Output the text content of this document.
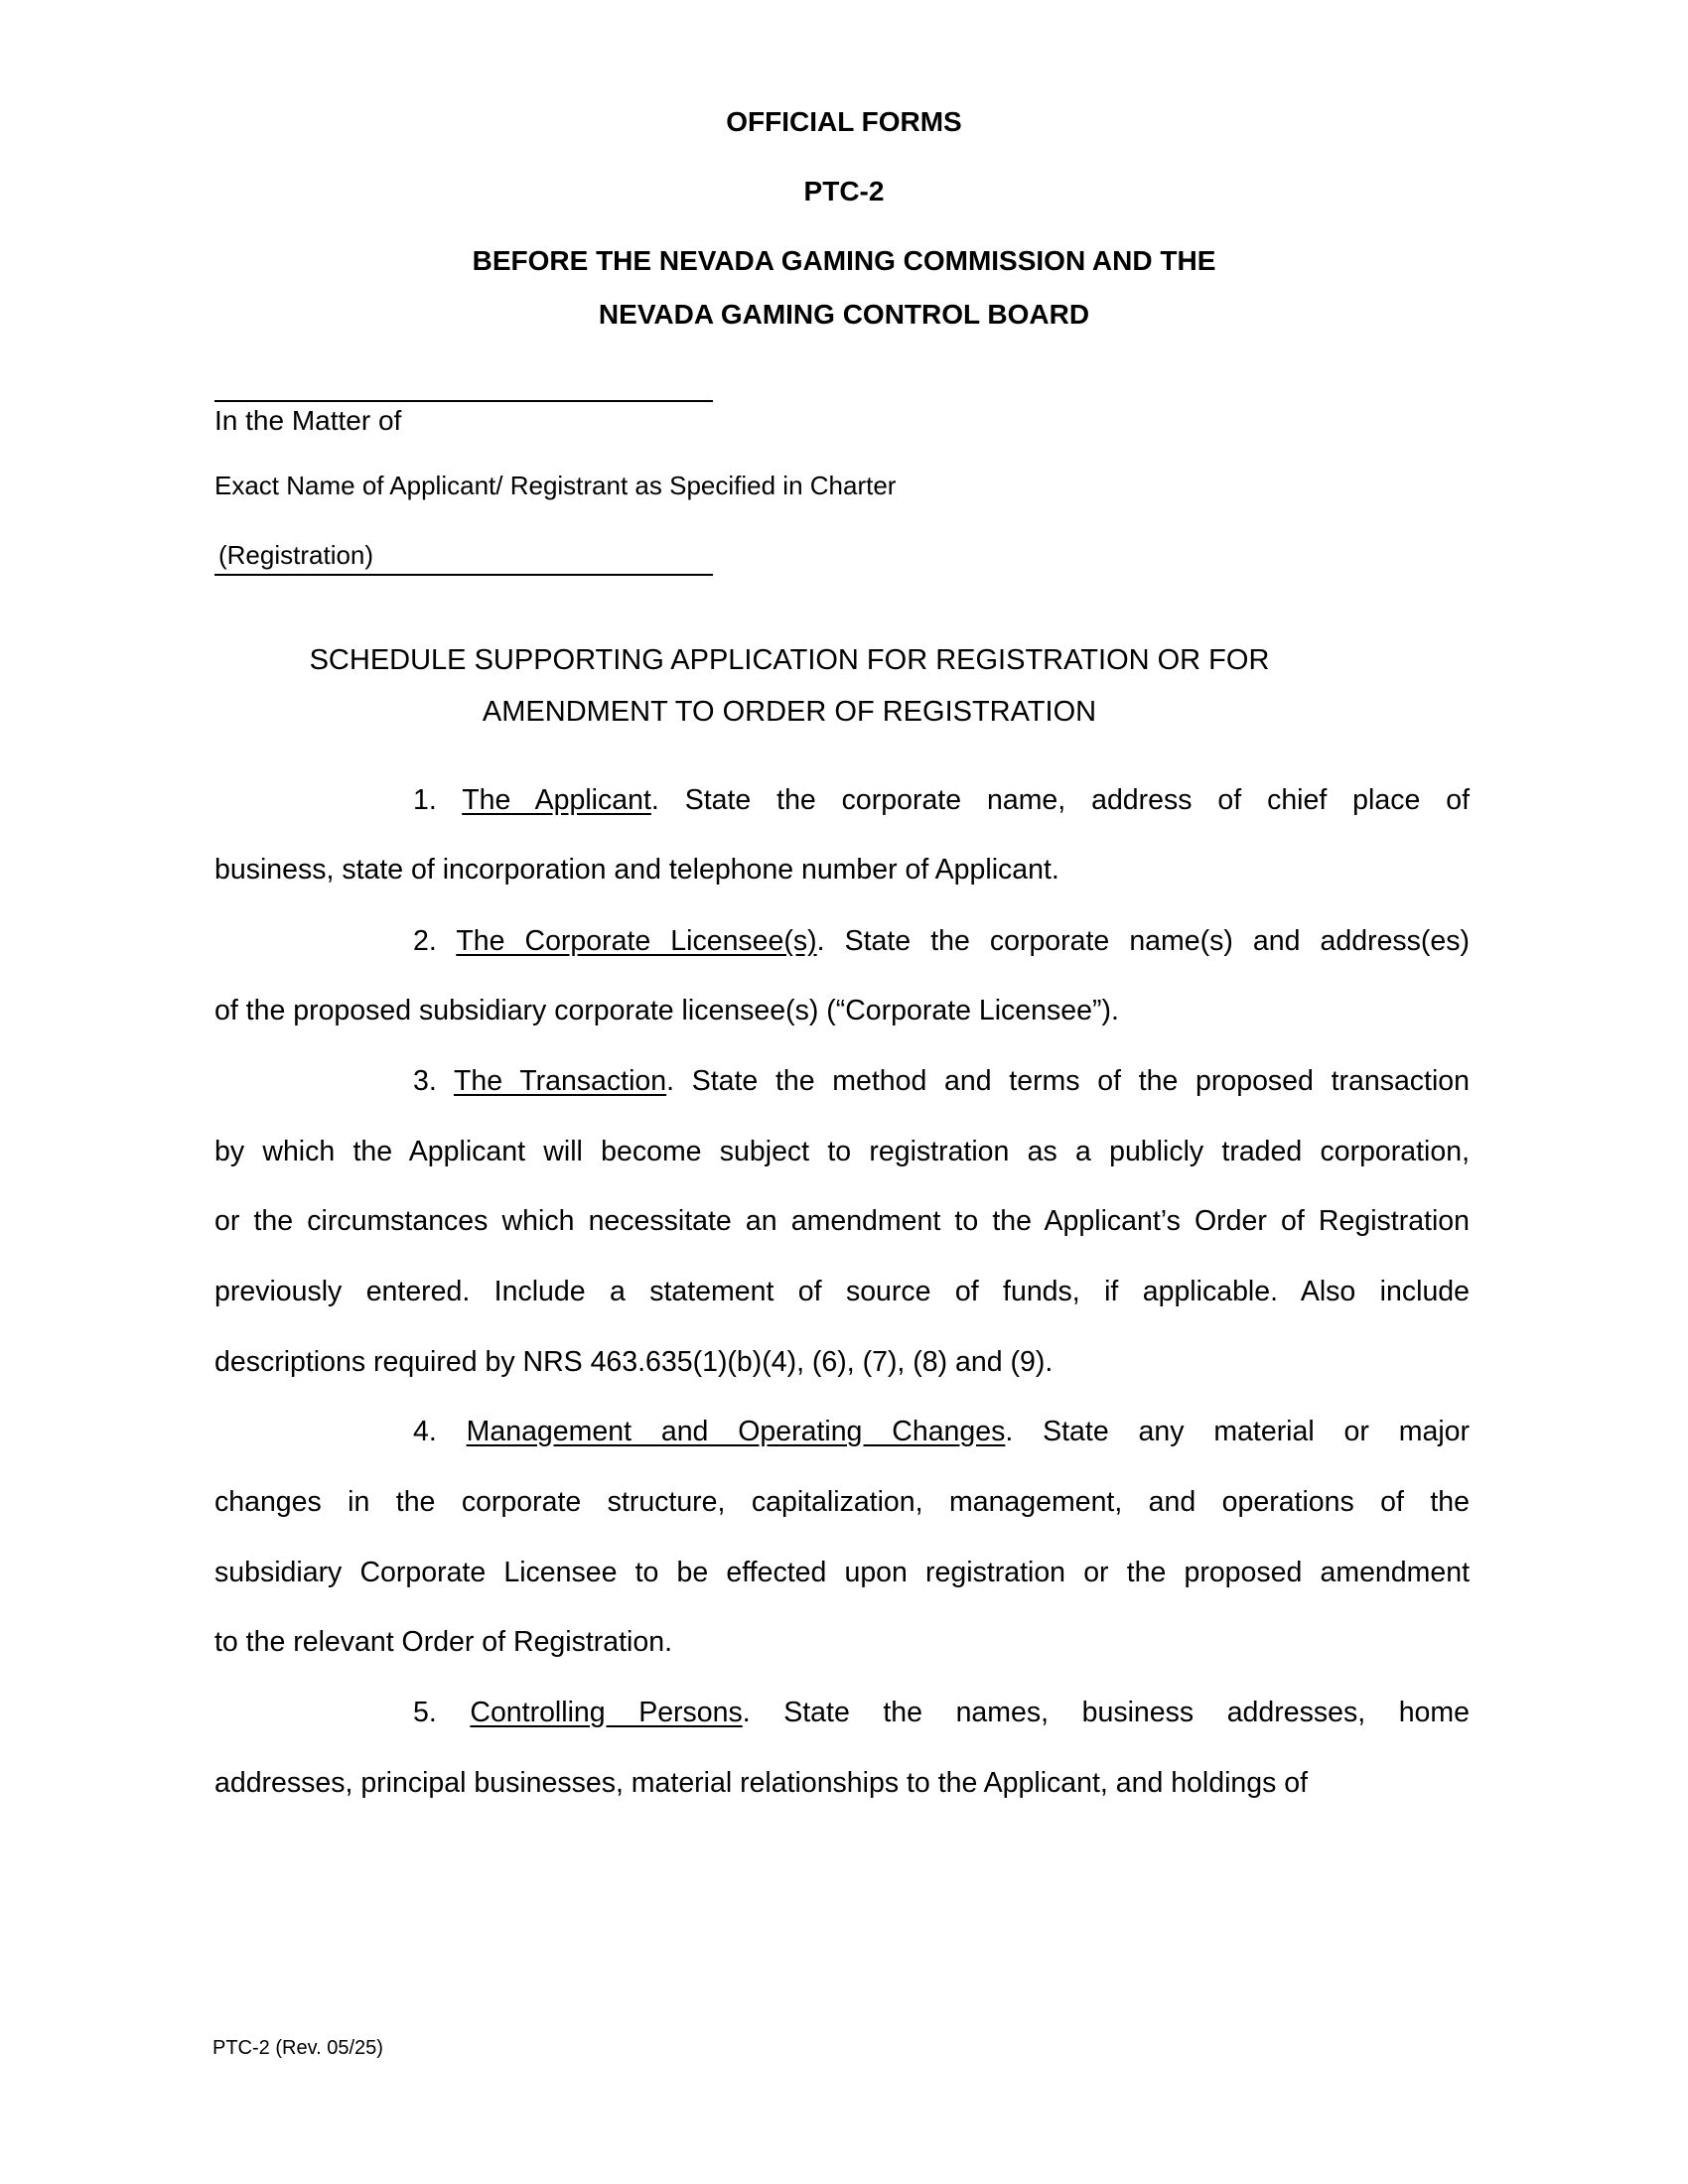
OFFICIAL FORMS
PTC-2
BEFORE THE NEVADA GAMING COMMISSION AND THE
NEVADA GAMING CONTROL BOARD
In the Matter of
Exact Name of Applicant/ Registrant as Specified in Charter
(Registration)
SCHEDULE SUPPORTING APPLICATION FOR REGISTRATION OR FOR
AMENDMENT TO ORDER OF REGISTRATION
1. The Applicant. State the corporate name, address of chief place of
business, state of incorporation and telephone number of Applicant.
2. The Corporate Licensee(s). State the corporate name(s) and address(es)
of the proposed subsidiary corporate licensee(s) (“Corporate Licensee”).
3. The Transaction. State the method and terms of the proposed transaction
by which the Applicant will become subject to registration as a publicly traded corporation,
or the circumstances which necessitate an amendment to the Applicant’s Order of Registration
previously entered. Include a statement of source of funds, if applicable. Also include
descriptions required by NRS 463.635(1)(b)(4), (6), (7), (8) and (9).
4. Management and Operating Changes. State any material or major
changes in the corporate structure, capitalization, management, and operations of the
subsidiary Corporate Licensee to be effected upon registration or the proposed amendment
to the relevant Order of Registration.
5. Controlling Persons. State the names, business addresses, home
addresses, principal businesses, material relationships to the Applicant, and holdings of
PTC-2 (Rev. 05/25)
